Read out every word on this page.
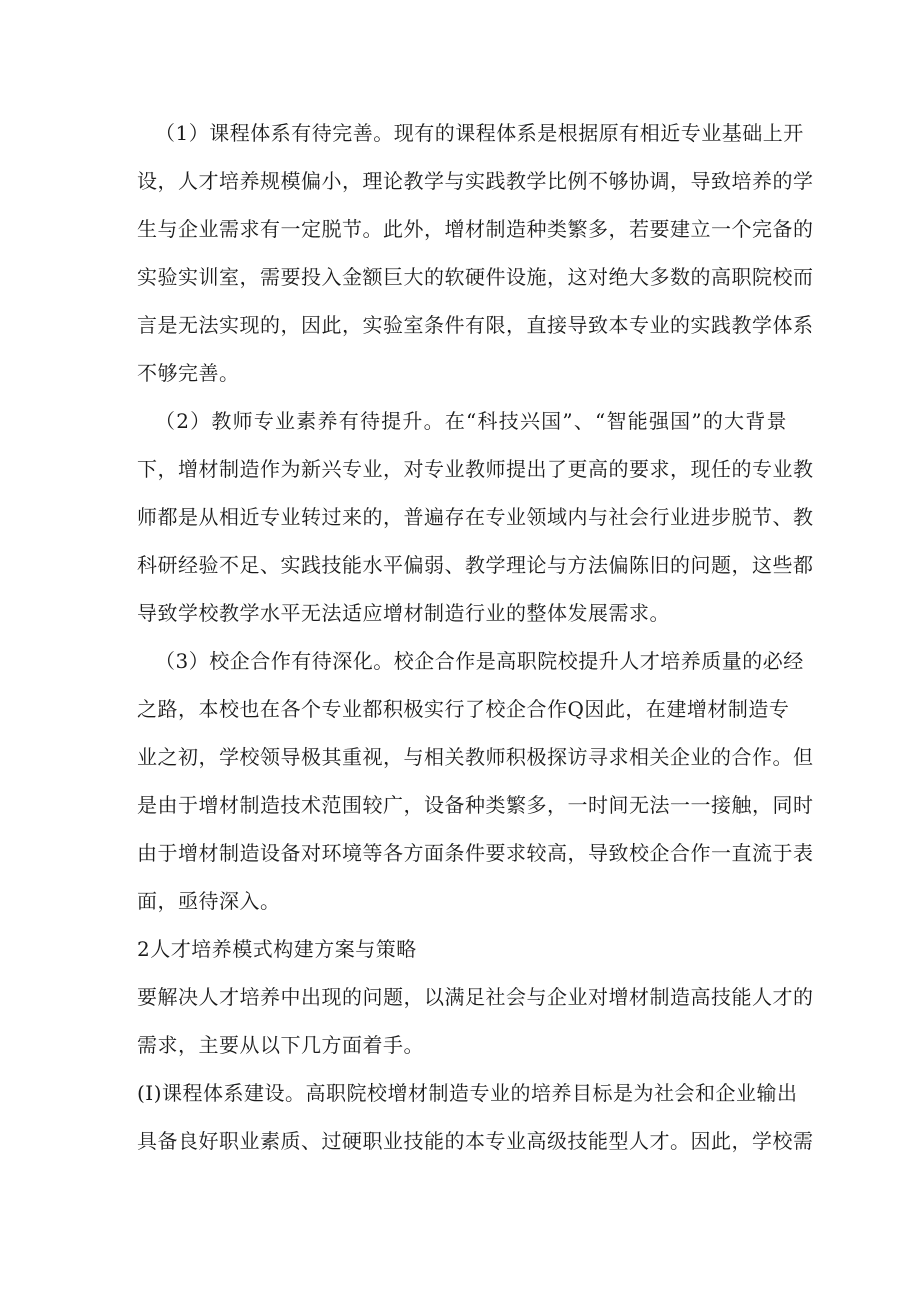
（1）课程体系有待完善。现有的课程体系是根据原有相近专业基础上开
设，人才培养规模偏小，理论教学与实践教学比例不够协调，导致培养的学
生与企业需求有一定脱节。此外，增材制造种类繁多，若要建立一个完备的
实验实训室，需要投入金额巨大的软硬件设施，这对绝大多数的高职院校而
言是无法实现的，因此，实验室条件有限，直接导致本专业的实践教学体系
不够完善。
（2）教师专业素养有待提升。在“科技兴国”、“智能强国”的大背景
下，增材制造作为新兴专业，对专业教师提出了更高的要求，现任的专业教
师都是从相近专业转过来的，普遍存在专业领域内与社会行业进步脱节、教
科研经验不足、实践技能水平偏弱、教学理论与方法偏陈旧的问题，这些都
导致学校教学水平无法适应增材制造行业的整体发展需求。
（3）校企合作有待深化。校企合作是高职院校提升人才培养质量的必经
之路，本校也在各个专业都积极实行了校企合作Q因此，在建增材制造专
业之初，学校领导极其重视，与相关教师积极探访寻求相关企业的合作。但
是由于增材制造技术范围较广，设备种类繁多，一时间无法一一接触，同时
由于增材制造设备对环境等各方面条件要求较高，导致校企合作一直流于表
面，亟待深入。
2人才培养模式构建方案与策略
要解决人才培养中出现的问题，以满足社会与企业对增材制造高技能人才的
需求，主要从以下几方面着手。
(I)课程体系建设。高职院校增材制造专业的培养目标是为社会和企业输出
具备良好职业素质、过硬职业技能的本专业高级技能型人才。因此，学校需
